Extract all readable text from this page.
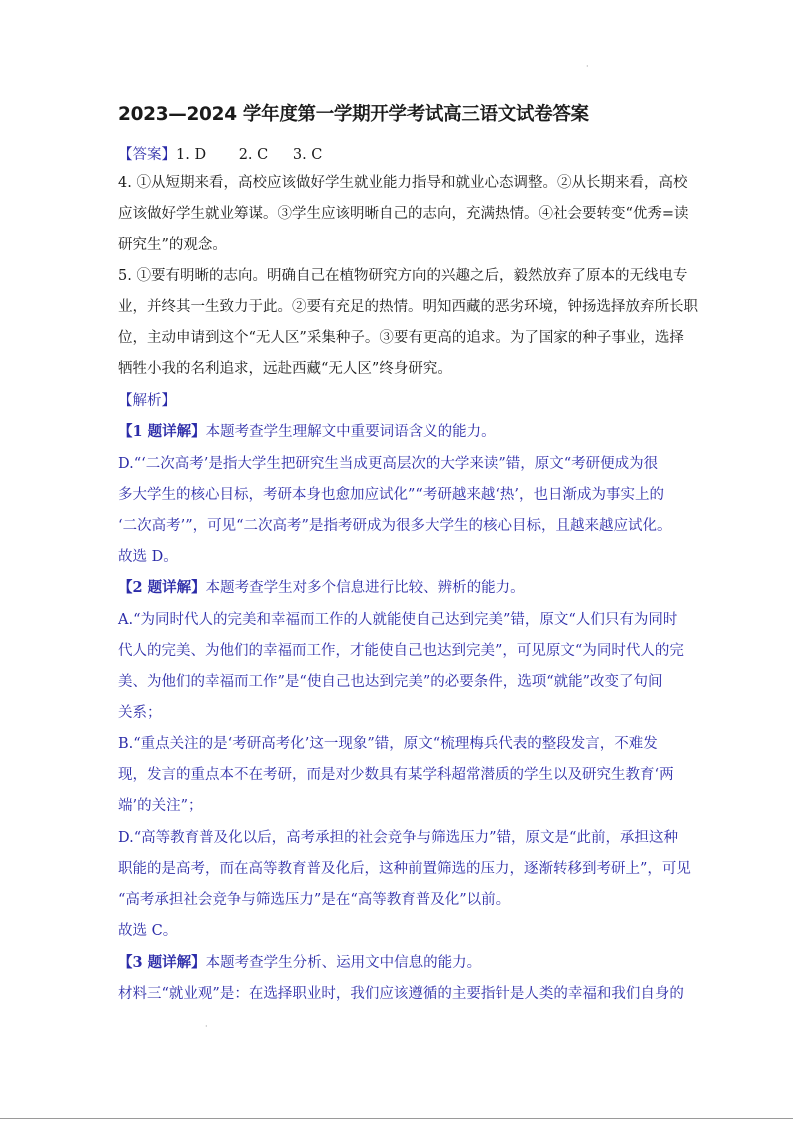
·
2023—2024 学年度第一学期开学考试高三语文试卷答案
【答案】1. D 2. C 3. C
4. ①从短期来看，高校应该做好学生就业能力指导和就业心态调整。②从长期来看，高校
应该做好学生就业筹谋。③学生应该明晰自己的志向，充满热情。④社会要转变“优秀=读
研究生”的观念。
5. ①要有明晰的志向。明确自己在植物研究方向的兴趣之后，毅然放弃了原本的无线电专
业，并终其一生致力于此。②要有充足的热情。明知西藏的恶劣环境，钟扬选择放弃所长职
位，主动申请到这个“无人区”采集种子。③要有更高的追求。为了国家的种子事业，选择
牺牲小我的名利追求，远赴西藏“无人区”终身研究。
【解析】
【1 题详解】本题考查学生理解文中重要词语含义的能力。
D.“‘二次高考’是指大学生把研究生当成更高层次的大学来读”错，原文“考研便成为很
多大学生的核心目标，考研本身也愈加应试化”“考研越来越‘热’，也日渐成为事实上的
‘二次高考’”，可见“二次高考”是指考研成为很多大学生的核心目标，且越来越应试化。
故选 D。
【2 题详解】本题考查学生对多个信息进行比较、辨析的能力。
A.“为同时代人的完美和幸福而工作的人就能使自己达到完美”错，原文“人们只有为同时
代人的完美、为他们的幸福而工作，才能使自己也达到完美”，可见原文“为同时代人的完
美、为他们的幸福而工作”是“使自己也达到完美”的必要条件，选项“就能”改变了句间
关系；
B.“重点关注的是‘考研高考化’这一现象”错，原文“梳理梅兵代表的整段发言，不难发
现，发言的重点本不在考研，而是对少数具有某学科超常潜质的学生以及研究生教育‘两
端’的关注”；
D.“高等教育普及化以后，高考承担的社会竞争与筛选压力”错，原文是“此前，承担这种
职能的是高考，而在高等教育普及化后，这种前置筛选的压力，逐渐转移到考研上”，可见
“高考承担社会竞争与筛选压力”是在“高等教育普及化”以前。
故选 C。
【3 题详解】本题考查学生分析、运用文中信息的能力。
材料三“就业观”是：在选择职业时，我们应该遵循的主要指针是人类的幸福和我们自身的
·
